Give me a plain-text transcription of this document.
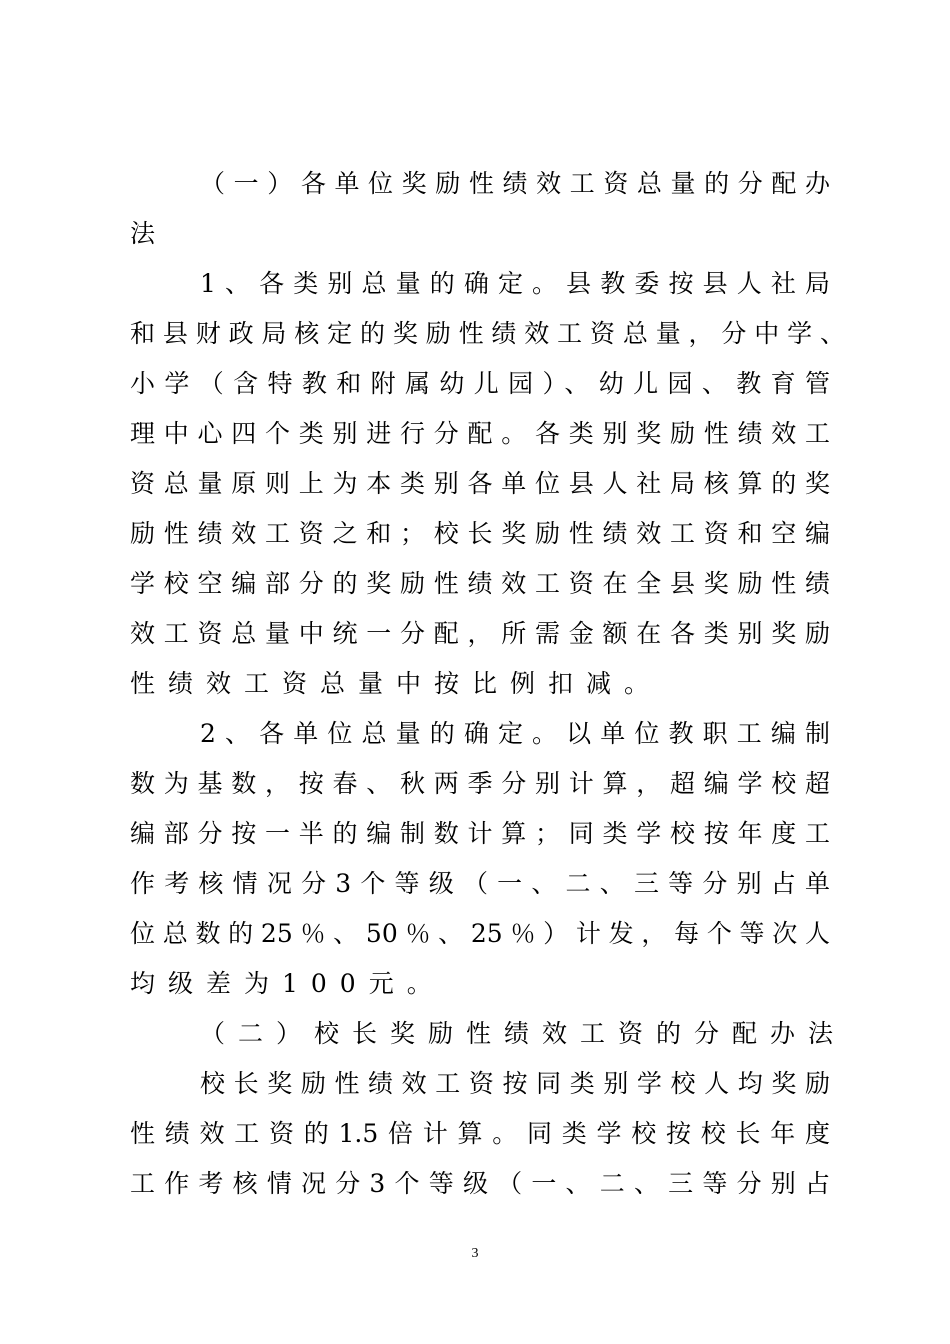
（一）各单位奖励性绩效工资总量的分配办
法
1、各类别总量的确定。县教委按县人社局
和县财政局核定的奖励性绩效工资总量，分中学、
小学（含特教和附属幼儿园）、幼儿园、教育管
理中心四个类别进行分配。各类别奖励性绩效工
资总量原则上为本类别各单位县人社局核算的奖
励性绩效工资之和；校长奖励性绩效工资和空编
学校空编部分的奖励性绩效工资在全县奖励性绩
效工资总量中统一分配，所需金额在各类别奖励
性绩效工资总量中按比例扣减。
2、各单位总量的确定。以单位教职工编制
数为基数，按春、秋两季分别计算，超编学校超
编部分按一半的编制数计算；同类学校按年度工
作考核情况分3个等级（一、二、三等分别占单
位总数的25％、50％、25％）计发，每个等次人
均级差为100元。
（二）校长奖励性绩效工资的分配办法
校长奖励性绩效工资按同类别学校人均奖励
性绩效工资的1.5倍计算。同类学校按校长年度
工作考核情况分3个等级（一、二、三等分别占
3
